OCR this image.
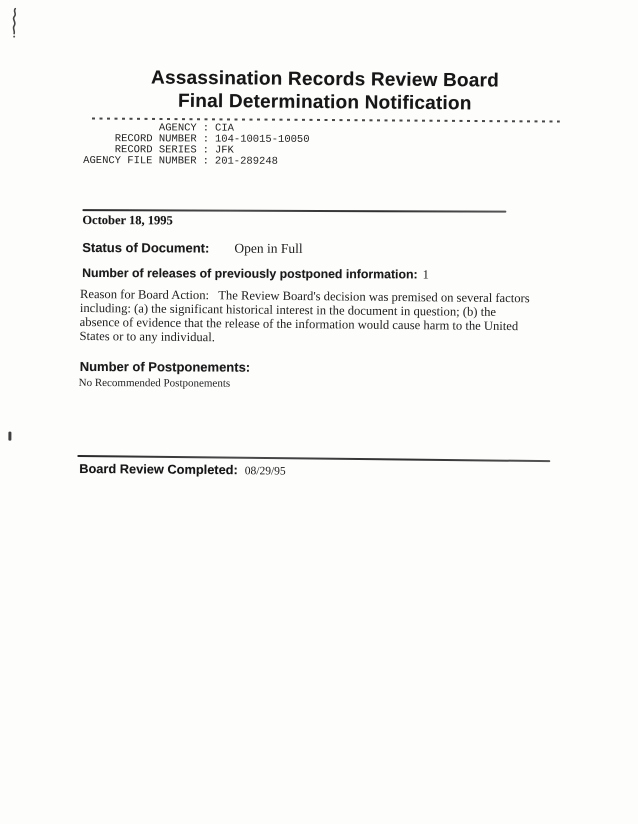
Assassination Records Review Board
Final Determination Notification
AGENCY : CIA
RECORD NUMBER : 104-10015-10050
RECORD SERIES : JFK
AGENCY FILE NUMBER : 201-289248
October 18, 1995
Status of Document: Open in Full
Number of releases of previously postponed information: 1
Reason for Board Action:   The Review Board's decision was premised on several factors
including: (a) the significant historical interest in the document in question; (b) the
absence of evidence that the release of the information would cause harm to the United
States or to any individual.
Number of Postponements:
No Recommended Postponements
Board Review Completed: 08/29/95
